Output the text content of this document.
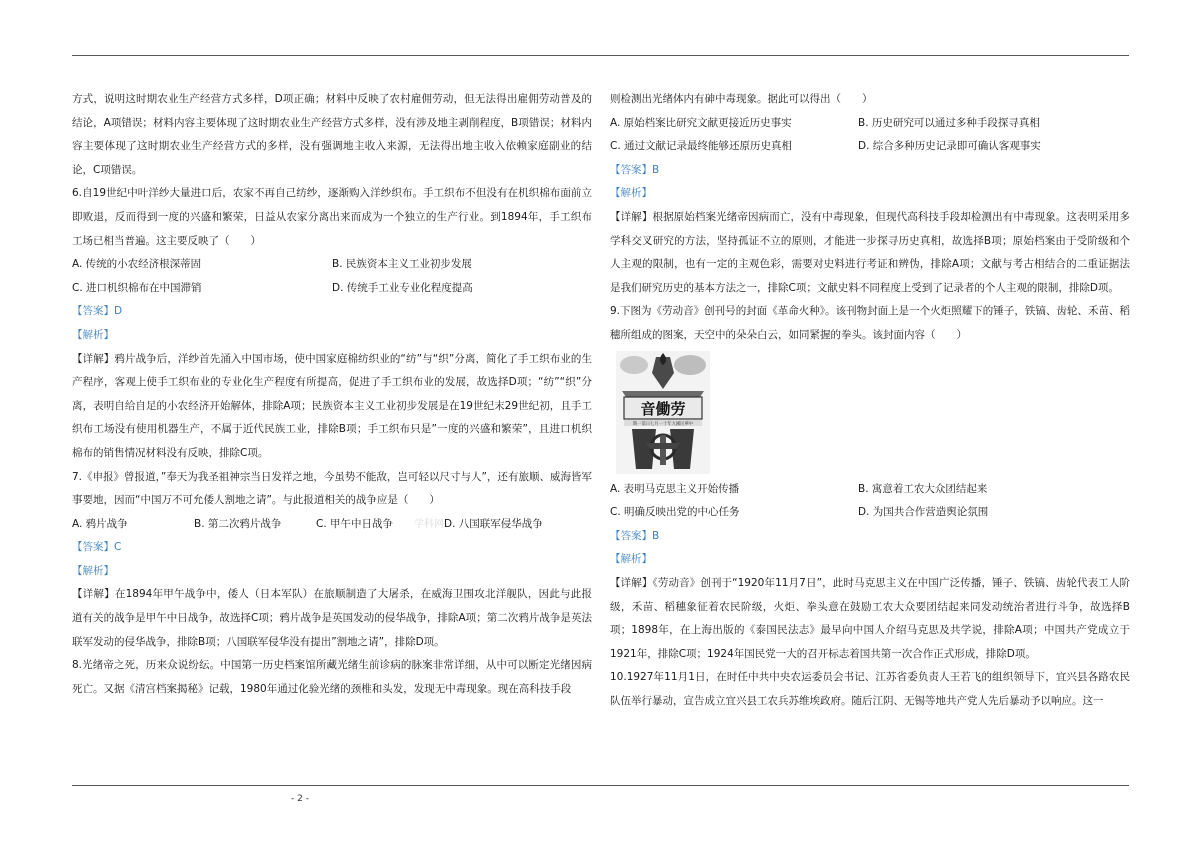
方式，说明这时期农业生产经营方式多样，D项正确；材料中反映了农村雇佣劳动，但无法得出雇佣劳动普及的结论，A项错误；材料内容主要体现了这时期农业生产经营方式多样，没有涉及地主剥削程度，B项错误；材料内容主要体现了这时期农业生产经营方式的多样，没有强调地主收入来源，无法得出地主收入依赖家庭副业的结论，C项错误。

6.自19世纪中叶洋纱大量进口后，农家不再自己纺纱，逐渐购入洋纱织布。手工织布不但没有在机织棉布面前立即败退，反而得到一度的兴盛和繁荣，日益从农家分离出来而成为一个独立的生产行业。到1894年，手工织布工场已相当普遍。这主要反映了（　　）

A. 传统的小农经济根深蒂固	B. 民族资本主义工业初步发展
C. 进口机织棉布在中国滞销	D. 传统手工业专业化程度提高

【答案】D

【解析】

【详解】鸦片战争后，洋纱首先涌入中国市场，使中国家庭棉纺织业的“纺”与“织”分离，简化了手工织布业的生产程序，客观上使手工织布业的专业化生产程度有所提高，促进了手工织布业的发展，故选择D项；“纺”“织”分离，表明自给自足的小农经济开始解体，排除A项；民族资本主义工业初步发展是在19世纪末29世纪初，且手工织布工场没有使用机器生产，不属于近代民族工业，排除B项；手工织布只是”一度的兴盛和繁荣”，且进口机织棉布的销售情况材料没有反映，排除C项。

7.《申报》曾报道，”奉天为我圣祖神宗当日发祥之地，今虽势不能敌，岂可轻以尺寸与人”，还有旅顺、威海皆军事要地，因而“中国万不可允倭人割地之请”。与此报道相关的战争应是（　　）

A. 鸦片战争	B. 第二次鸦片战争	C. 甲午中日战争	学科网 D. 八国联军侵华战争

【答案】C

【解析】

【详解】在1894年甲午战争中，倭人（日本军队）在旅顺制造了大屠杀，在威海卫围攻北洋舰队，因此与此报道有关的战争是甲午中日战争，故选择C项；鸦片战争是英国发动的侵华战争，排除A项；第二次鸦片战争是英法联军发动的侵华战争，排除B项；八国联军侵华没有提出”割地之请”，排除D项。

8.光绪帝之死，历来众说纷纭。中国第一历史档案馆所藏光绪生前诊病的脉案非常详细，从中可以断定光绪因病死亡。又据《清宫档案揭秘》记载，1980年通过化验光绪的颈椎和头发，发现无中毒现象。现在高科技手段

则检测出光绪体内有砷中毒现象。据此可以得出（　　）

A. 原始档案比研究文献更接近历史事实	B. 历史研究可以通过多种手段探寻真相
C. 通过文献记录最终能够还原历史真相	D. 综合多种历史记录即可确认客观事实

【答案】B

【解析】

【详解】根据原始档案光绪帝因病而亡，没有中毒现象，但现代高科技手段却检测出有中毒现象。这表明采用多学科交叉研究的方法，坚持孤证不立的原则，才能进一步探寻历史真相，故选择B项；原始档案由于受阶级和个人主观的限制，也有一定的主观色彩，需要对史料进行考证和辨伪，排除A项；文献与考古相结合的二重证据法是我们研究历史的基本方法之一，排除C项；文献史料不同程度上受到了记录者的个人主观的限制，排除D项。

9.下图为《劳动音》创刊号的封面《革命火种》。该刊物封面上是一个火炬照耀下的锤子，铁镐、齿轮、禾苗、稻穗所组成的图案，天空中的朵朵白云，如同紧握的拳头。该封面内容（　　）

音働劳
期一第日七月一十年九國民華中
A. 表明马克思主义开始传播	B. 寓意着工农大众团结起来
C. 明确反映出党的中心任务	D. 为国共合作营造舆论氛围

【答案】B

【解析】

【详解】《劳动音》创刊于“1920年11月7日”，此时马克思主义在中国广泛传播，锤子、铁镐、齿轮代表工人阶级，禾苗、稻穗象征着农民阶级，火炬、拳头意在鼓励工农大众要团结起来同发动统治者进行斗争，故选择B项；1898年，在上海出版的《泰国民法志》最早向中国人介绍马克思及共学说，排除A项；中国共产党成立于1921年，排除C项；1924年国民党一大的召开标志着国共第一次合作正式形成，排除D项。

10.1927年11月1日，在时任中共中央农运委员会书记、江苏省委负责人王若飞的组织领导下，宜兴县各路农民队伍举行暴动，宣告成立宜兴县工农兵苏维埃政府。随后江阴、无锡等地共产党人先后暴动予以响应。这一

- 2 -
